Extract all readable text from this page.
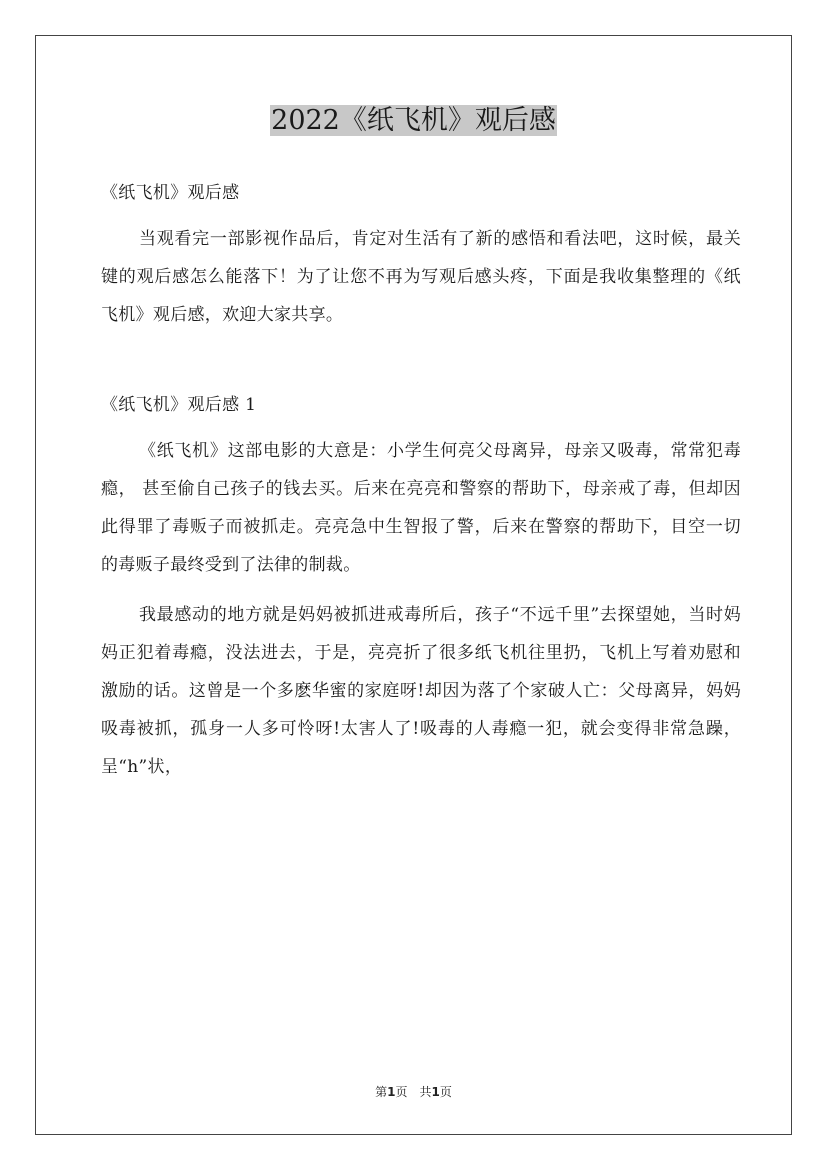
2022《纸飞机》观后感

《纸飞机》观后感

当观看完一部影视作品后，肯定对生活有了新的感悟和看法吧，这时候，最关键的观后感怎么能落下！为了让您不再为写观后感头疼，下面是我收集整理的《纸飞机》观后感，欢迎大家共享。

《纸飞机》观后感 1

《纸飞机》这部电影的大意是：小学生何亮父母离异，母亲又吸毒，常常犯毒瘾， 甚至偷自己孩子的钱去买。后来在亮亮和警察的帮助下，母亲戒了毒，但却因此得罪了毒贩子而被抓走。亮亮急中生智报了警，后来在警察的帮助下，目空一切的毒贩子最终受到了法律的制裁。

我最感动的地方就是妈妈被抓进戒毒所后，孩子“不远千里”去探望她，当时妈妈正犯着毒瘾，没法进去，于是，亮亮折了很多纸飞机往里扔，飞机上写着劝慰和激励的话。这曾是一个多麽华蜜的家庭呀!却因为落了个家破人亡：父母离异，妈妈吸毒被抓，孤身一人多可怜呀!太害人了!吸毒的人毒瘾一犯，就会变得非常急躁，呈“h”状，

第1页　共1页
